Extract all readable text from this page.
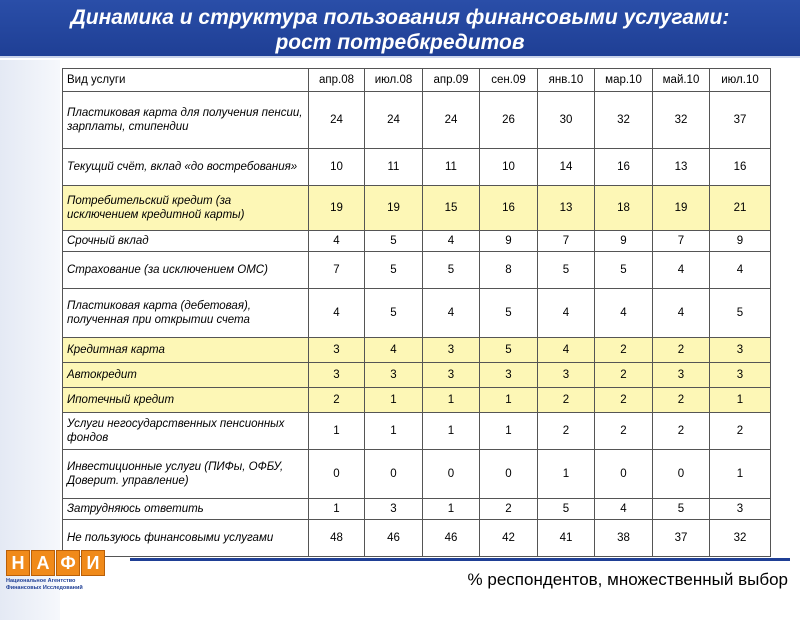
Динамика и структура пользования финансовыми услугами:
рост потребкредитов
Вид услуги	апр.08	июл.08	апр.09	сен.09	янв.10	мар.10	май.10	июл.10
Пластиковая карта для получения пенсии, зарплаты, стипендии	24	24	24	26	30	32	32	37
Текущий счёт, вклад «до востребования»	10	11	11	10	14	16	13	16
Потребительский кредит (за исключением кредитной карты)	19	19	15	16	13	18	19	21
Срочный вклад	4	5	4	9	7	9	7	9
Страхование (за исключением ОМС)	7	5	5	8	5	5	4	4
Пластиковая карта (дебетовая), полученная при открытии счета	4	5	4	5	4	4	4	5
Кредитная карта	3	4	3	5	4	2	2	3
Автокредит	3	3	3	3	3	2	3	3
Ипотечный кредит	2	1	1	1	2	2	2	1
Услуги негосударственных пенсионных фондов	1	1	1	1	2	2	2	2
Инвестиционные услуги (ПИФы, ОФБУ, Доверит. управление)	0	0	0	0	1	0	0	1
Затрудняюсь ответить	1	3	1	2	5	4	5	3
Не пользуюсь финансовыми услугами	48	46	46	42	41	38	37	32
Н А Ф И
Национальное Агентство
Финансовых Исследований	% респондентов, множественный выбор
